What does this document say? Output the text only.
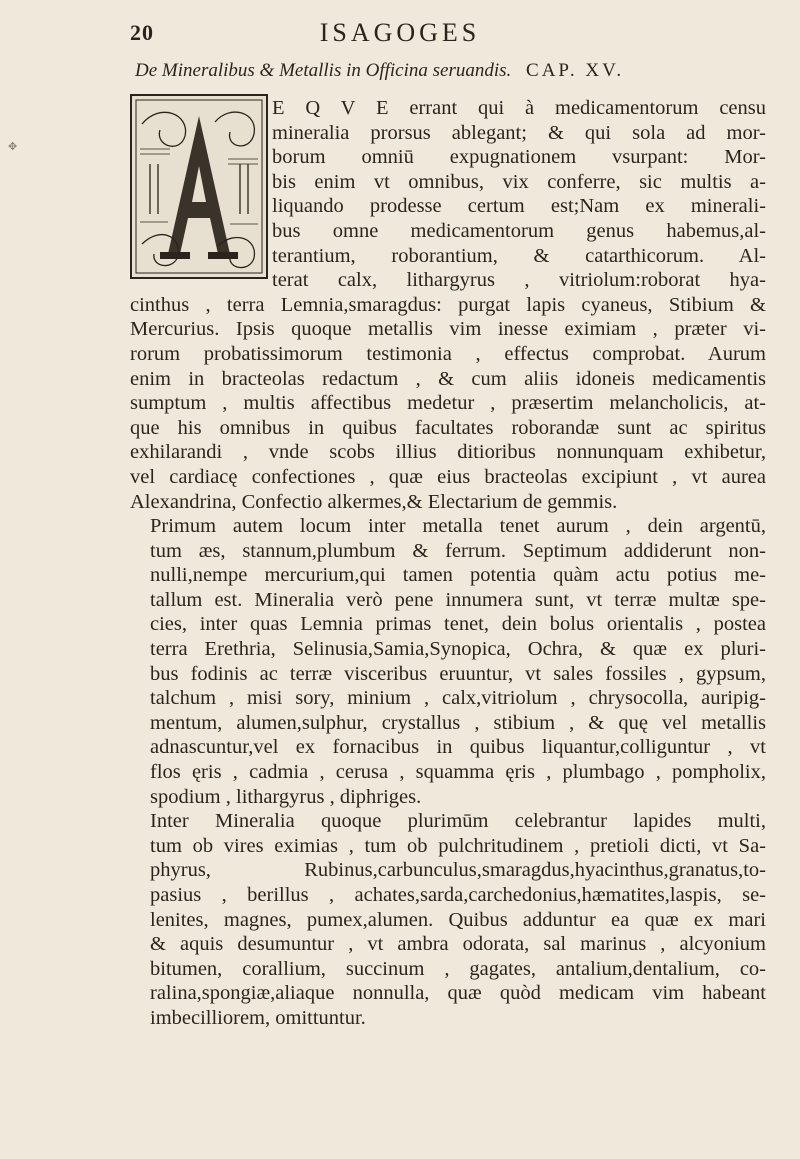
20	ISAGOGES
De Mineralibus & Metallis in Officina seruandis. CAP. XV.
✥

E Q V E errant qui à medicamentorum censu
mineralia prorsus ablegant; & qui sola ad mor-
borum omniū expugnationem vsurpant: Mor-
bis enim vt omnibus, vix conferre, sic multis a-
liquando prodesse certum est;Nam ex minerali-
bus omne medicamentorum genus habemus,al-
terantium, roborantium, & catarthicorum. Al-
terat calx, lithargyrus , vitriolum:roborat hya-

cinthus , terra Lemnia,smaragdus: purgat lapis cyaneus, Stibium &
Mercurius. Ipsis quoque metallis vim inesse eximiam , præter vi-
rorum probatissimorum testimonia , effectus comprobat. Aurum
enim in bracteolas redactum , & cum aliis idoneis medicamentis
sumptum , multis affectibus medetur , præsertim melancholicis, at-
que his omnibus in quibus facultates roborandæ sunt ac spiritus
exhilarandi , vnde scobs illius ditioribus nonnunquam exhibetur,
vel cardiacę confectiones , quæ eius bracteolas excipiunt , vt aurea
Alexandrina, Confectio alkermes,& Electarium de gemmis.

Primum autem locum inter metalla tenet aurum , dein argentū,
tum æs, stannum,plumbum & ferrum. Septimum addiderunt non-
nulli,nempe mercurium,qui tamen potentia quàm actu potius me-
tallum est. Mineralia verò pene innumera sunt, vt terræ multæ spe-
cies, inter quas Lemnia primas tenet, dein bolus orientalis , postea
terra Erethria, Selinusia,Samia,Synopica, Ochra, & quæ ex pluri-
bus fodinis ac terræ visceribus eruuntur, vt sales fossiles , gypsum,
talchum , misi sory, minium , calx,vitriolum , chrysocolla, auripig-
mentum, alumen,sulphur, crystallus , stibium , & quę vel metallis
adnascuntur,vel ex fornacibus in quibus liquantur,colliguntur , vt
flos ęris , cadmia , cerusa , squamma ęris , plumbago , pompholix,
spodium , lithargyrus , diphriges.

Inter Mineralia quoque plurimūm celebrantur lapides multi,
tum ob vires eximias , tum ob pulchritudinem , pretioli dicti, vt Sa-
phyrus, Rubinus,carbunculus,smaragdus,hyacinthus,granatus,to-
pasius , berillus , achates,sarda,carchedonius,hæmatites,laspis, se-
lenites, magnes, pumex,alumen. Quibus adduntur ea quæ ex mari
& aquis desumuntur , vt ambra odorata, sal marinus , alcyonium
bitumen, corallium, succinum , gagates, antalium,dentalium, co-
ralina,spongiæ,aliaque nonnulla, quæ quòd medicam vim habeant
imbecilliorem, omittuntur.
